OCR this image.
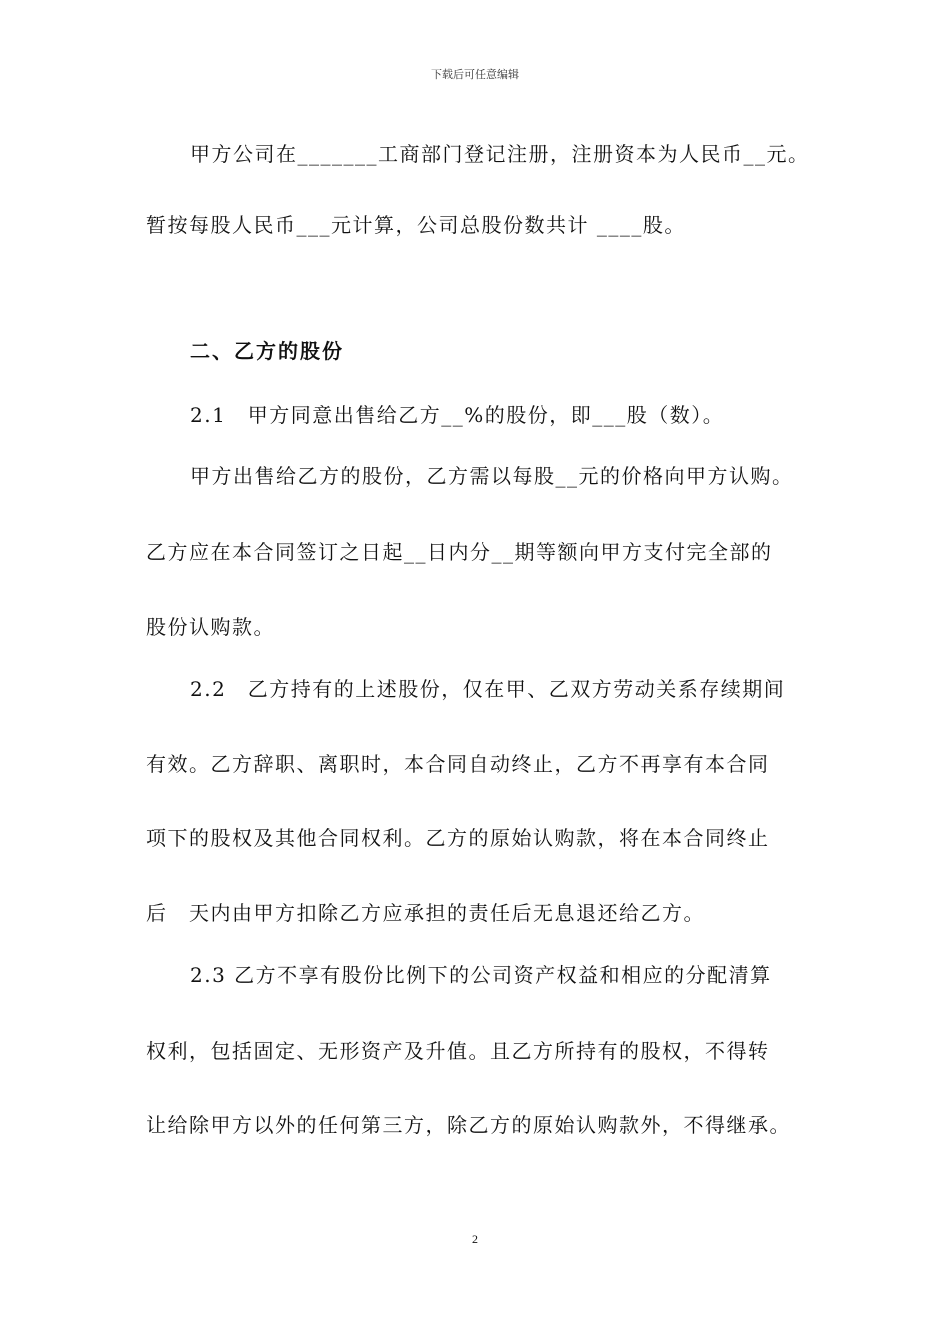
下载后可任意编辑
甲方公司在_______工商部门登记注册，注册资本为人民币__元。
暂按每股人民币___元计算，公司总股份数共计 ____股。
二、乙方的股份
2.1　甲方同意出售给乙方__%的股份，即___股（数）。
甲方出售给乙方的股份，乙方需以每股__元的价格向甲方认购。
乙方应在本合同签订之日起__日内分__期等额向甲方支付完全部的
股份认购款。
2.2　乙方持有的上述股份，仅在甲、乙双方劳动关系存续期间
有效。乙方辞职、离职时，本合同自动终止，乙方不再享有本合同
项下的股权及其他合同权利。乙方的原始认购款，将在本合同终止
后　天内由甲方扣除乙方应承担的责任后无息退还给乙方。
2.3 乙方不享有股份比例下的公司资产权益和相应的分配清算
权利，包括固定、无形资产及升值。且乙方所持有的股权，不得转
让给除甲方以外的任何第三方，除乙方的原始认购款外，不得继承。
2
